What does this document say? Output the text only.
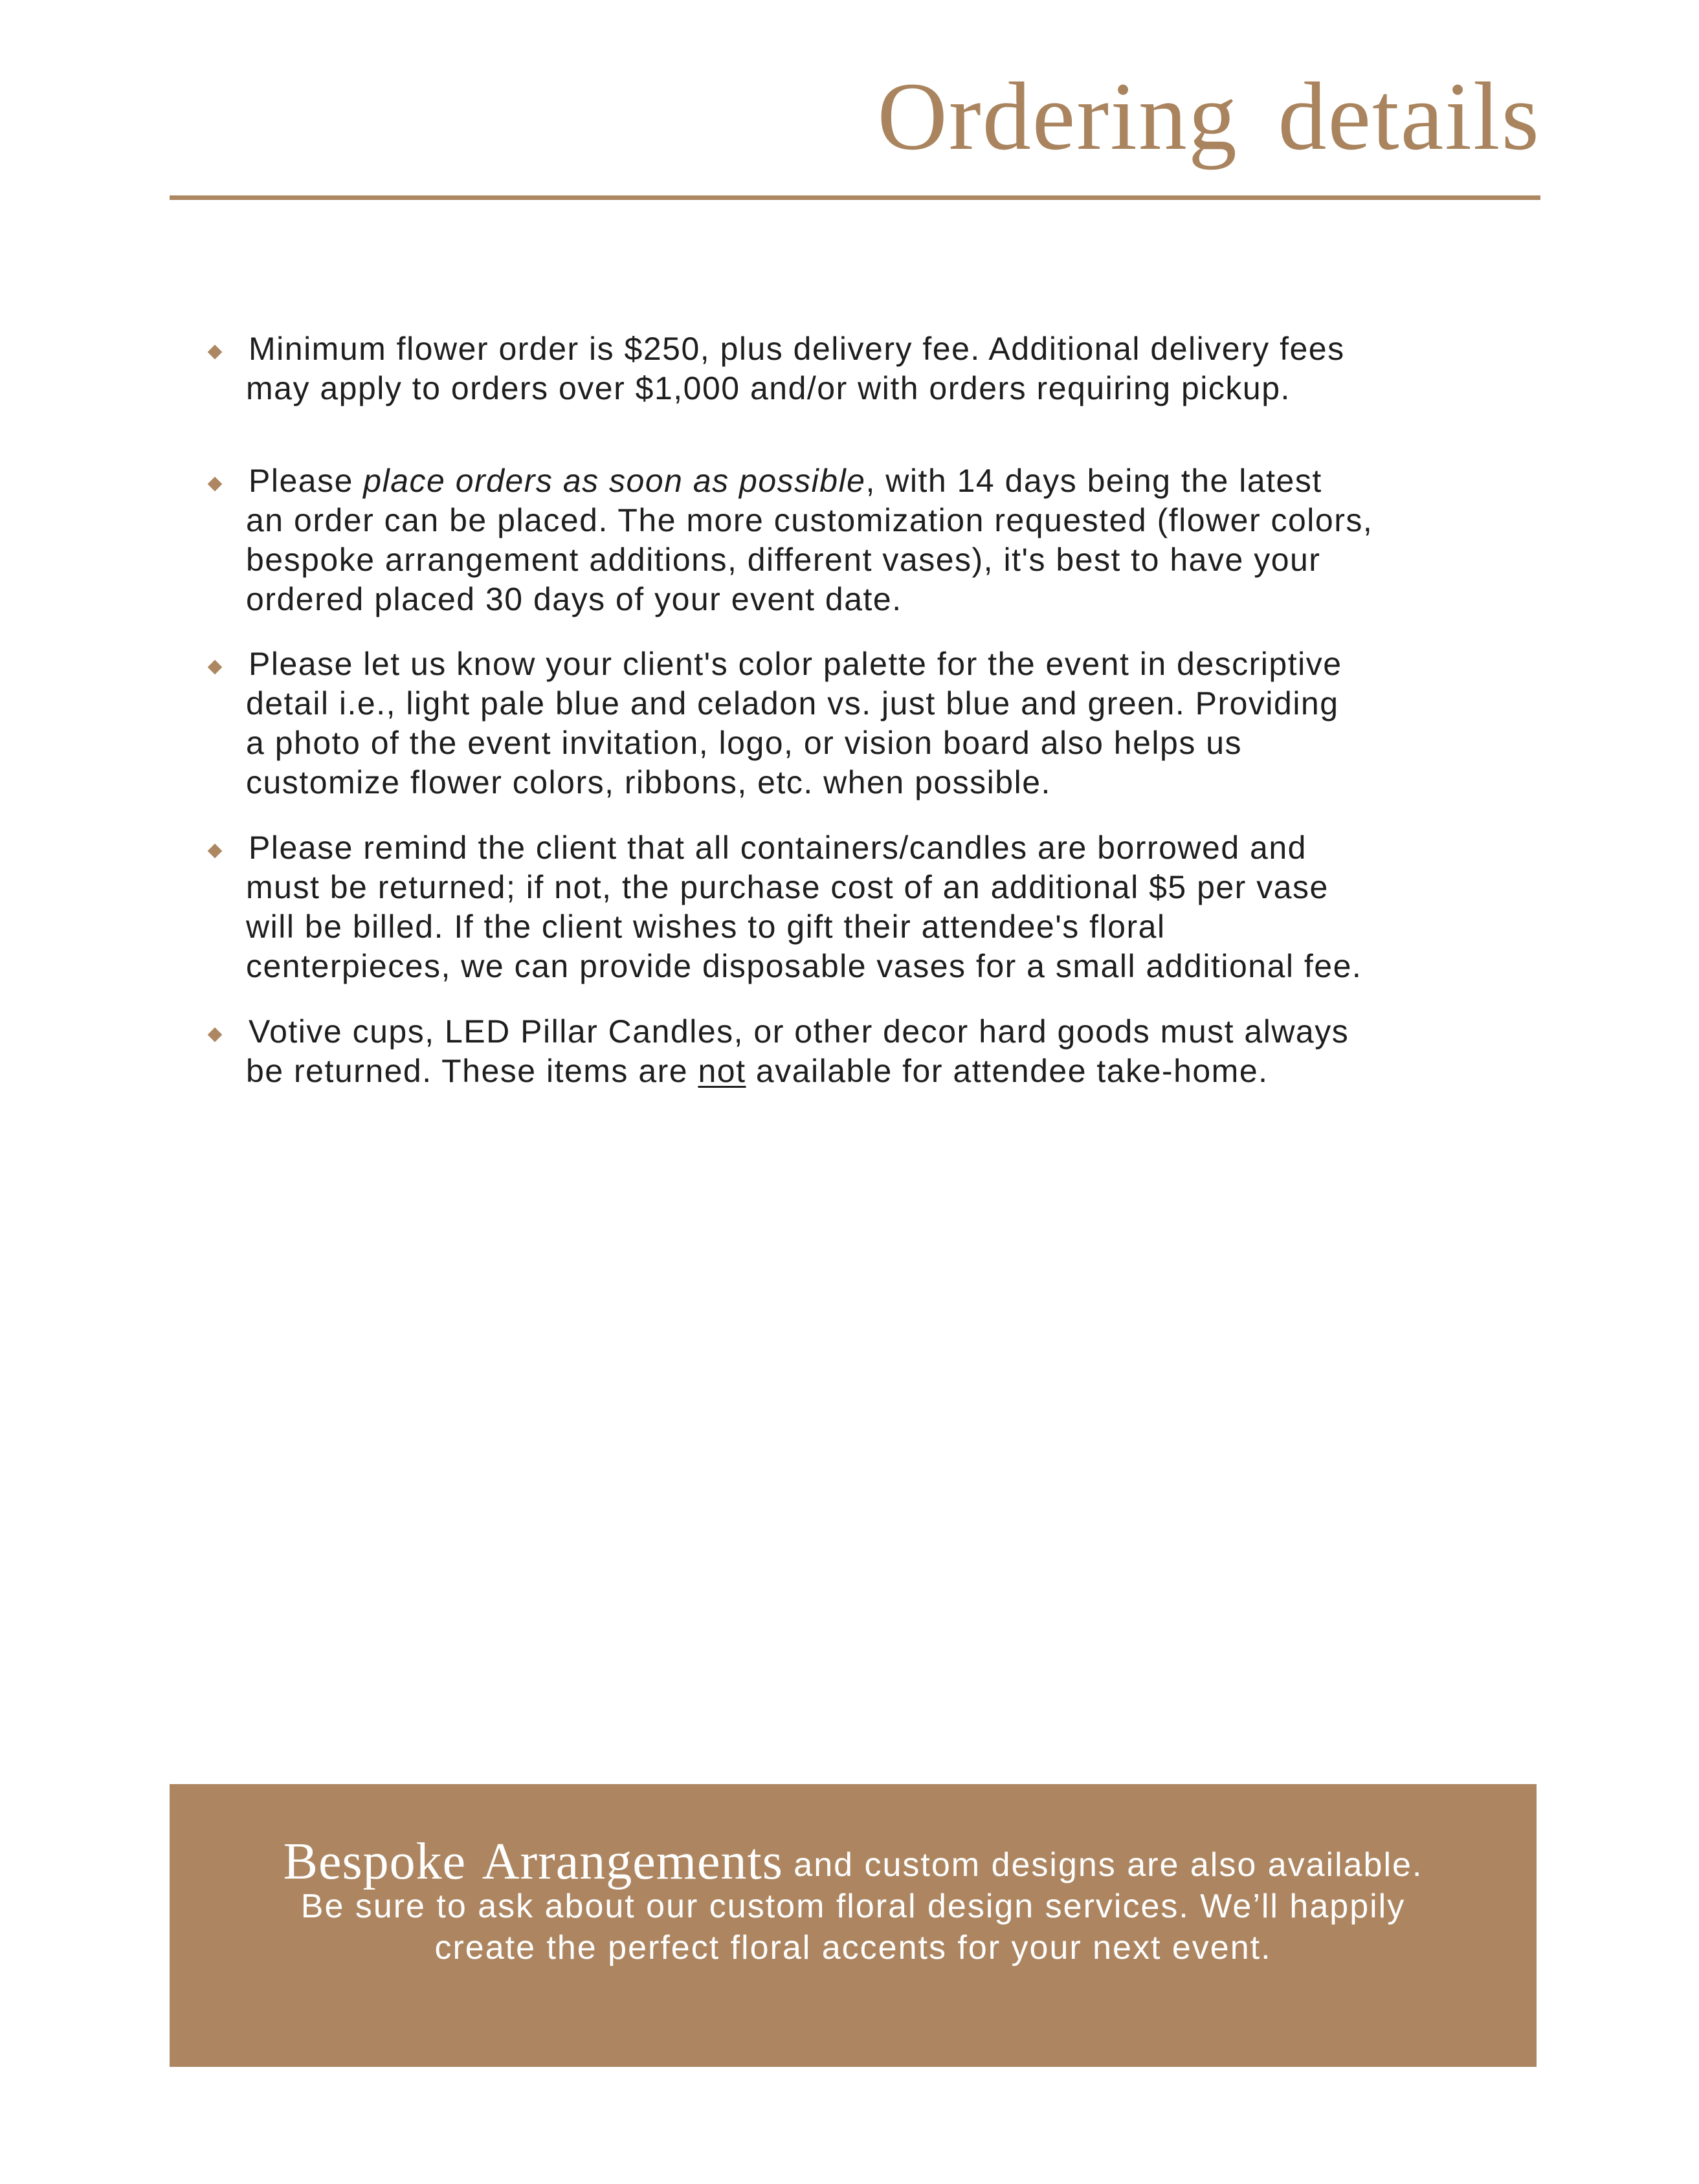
Ordering details

Minimum flower order is $250, plus delivery fee. Additional delivery fees
may apply to orders over $1,000 and/or with orders requiring pickup.

Please place orders as soon as possible, with 14 days being the latest
an order can be placed. The more customization requested (flower colors,
bespoke arrangement additions, different vases), it's best to have your
ordered placed 30 days of your event date.

Please let us know your client's color palette for the event in descriptive
detail i.e., light pale blue and celadon vs. just blue and green. Providing
a photo of the event invitation, logo, or vision board also helps us
customize flower colors, ribbons, etc. when possible.

Please remind the client that all containers/candles are borrowed and
must be returned; if not, the purchase cost of an additional $5 per vase
will be billed. If the client wishes to gift their attendee's floral
centerpieces, we can provide disposable vases for a small additional fee.

Votive cups, LED Pillar Candles, or other decor hard goods must always
be returned. These items are not available for attendee take-home.

Bespoke Arrangements and custom designs are also available.
Be sure to ask about our custom floral design services. We’ll happily
create the perfect floral accents for your next event.
